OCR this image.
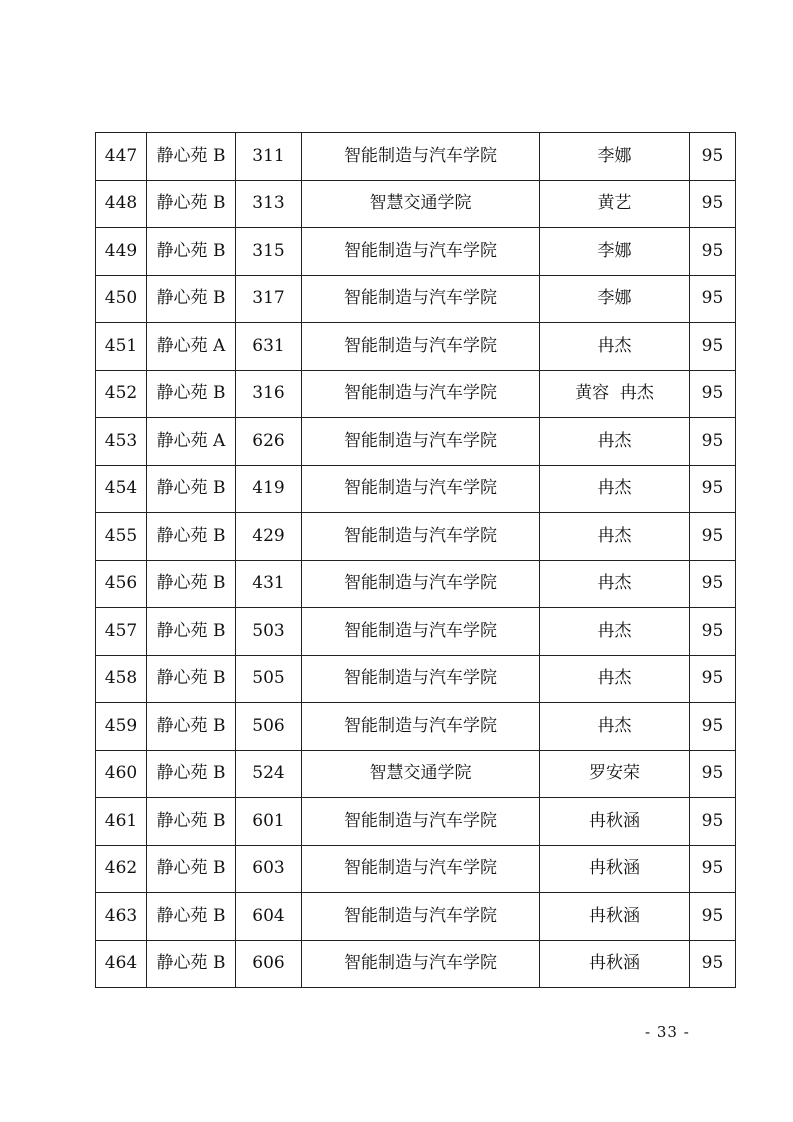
447	静心苑 B	311	智能制造与汽车学院	李娜	95
448	静心苑 B	313	智慧交通学院	黄艺	95
449	静心苑 B	315	智能制造与汽车学院	李娜	95
450	静心苑 B	317	智能制造与汽车学院	李娜	95
451	静心苑 A	631	智能制造与汽车学院	冉杰	95
452	静心苑 B	316	智能制造与汽车学院	黄容  冉杰	95
453	静心苑 A	626	智能制造与汽车学院	冉杰	95
454	静心苑 B	419	智能制造与汽车学院	冉杰	95
455	静心苑 B	429	智能制造与汽车学院	冉杰	95
456	静心苑 B	431	智能制造与汽车学院	冉杰	95
457	静心苑 B	503	智能制造与汽车学院	冉杰	95
458	静心苑 B	505	智能制造与汽车学院	冉杰	95
459	静心苑 B	506	智能制造与汽车学院	冉杰	95
460	静心苑 B	524	智慧交通学院	罗安荣	95
461	静心苑 B	601	智能制造与汽车学院	冉秋涵	95
462	静心苑 B	603	智能制造与汽车学院	冉秋涵	95
463	静心苑 B	604	智能制造与汽车学院	冉秋涵	95
464	静心苑 B	606	智能制造与汽车学院	冉秋涵	95
- 33 -
